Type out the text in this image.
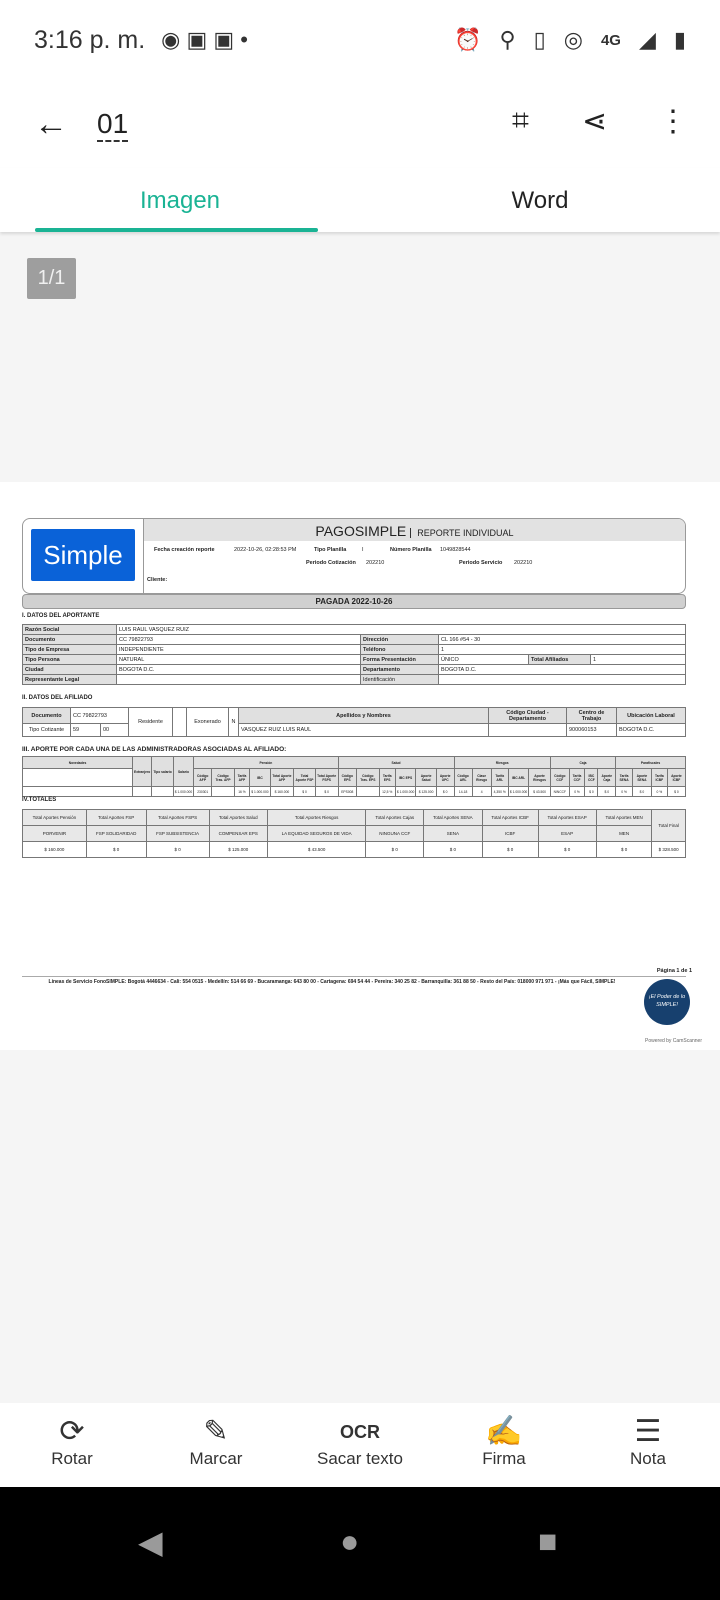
3:16 p. m. ◉ ▣ ▣ •	⏰ ⚲ ▯ ◎ 4G ◢ ▮
← 01	⌗ ⋖ ⋮
Imagen	Word
1/1
Simple
PAGOSIMPLE REPORTE INDIVIDUAL
Fecha creación reporte	2022-10-26, 02:28:53 PM	Tipo Planilla	I	Número Planilla 1049828544
Periodo Cotización 202210	Periodo Servicio 202210
Cliente:
PAGADA 2022-10-26
I. DATOS DEL APORTANTE
Razón Social	LUIS RAUL VASQUEZ RUIZ				
Documento	CC 79822793	Dirección	CL 166 #54 - 30		
Tipo de Empresa	INDEPENDIENTE	Teléfono	1		
Tipo Persona	NATURAL	Forma Presentación	ÚNICO	Total Afiliados	1
Ciudad	BOGOTA D.C.	Departamento	BOGOTA D.C.		
Representante Legal		Identificación			
II. DATOS DEL AFILIADO
Documento	CC 79822793		Residente		Exonerado	N	Apellidos y Nombres	Código Ciudad - Departamento	Centro de Trabajo	Ubicación Laboral
Tipo Cotizante	59	00					VASQUEZ RUIZ LUIS RAUL		900060153	BOGOTA D.C.
III. APORTE POR CADA UNA DE LAS ADMINISTRADORAS ASOCIADAS AL AFILIADO:
Novedades	Extranjero	Tipo salario	Salario	Pensión							Salud						Riesgos					Caja				Parafiscales			
				Código AFP	Código Tras. AFP	Tarifa AFP	IBC	Total Aporte AFP	Total Aporte FSP	Total Aporte FSPS	Código EPS	Código Tras. EPS	Tarifa EPS	IBC EPS	Aporte Salud	Aporte UPC	Código ARL	Clase Riesgo	Tarifa ARL	IBC ARL	Aporte Riesgos	Código CCF	Tarifa CCF	IBC CCF	Aporte Caja	Tarifa SENA	Aporte SENA	Tarifa ICBF	Aporte ICBF
			$ 1.000.000	230301		16 %	$ 1.000.000	$ 160.000	$ 0	$ 0	EPS008		12,5 %	$ 1.000.000	$ 125.000	$ 0	14-18	4	4,350 %	$ 1.000.000	$ 43.500	NINCCF	0 %	$ 0	$ 0	0 %	$ 0	0 %	$ 0
IV.TOTALES
Total Aportes Pensión	Total Aportes FSP	Total Aportes FSPS	Total Aportes Salud	Total Aportes Riesgos	Total Aportes Cajas	Total Aportes SENA	Total Aportes ICBF	Total Aportes ESAP	Total Aportes MEN	Total Final
PORVENIR	FSP SOLIDARIDAD	FSP SUBSISTENCIA	COMPENSAR EPS	LA EQUIDAD SEGUROS DE VIDA	NINGUNA CCF	SENA	ICBF	ESAP	MEN	
$ 160.000	$ 0	$ 0	$ 125.000	$ 43.500	$ 0	$ 0	$ 0	$ 0	$ 0	$ 328.500
Página 1 de 1
Líneas de Servicio FonoSIMPLE: Bogotá 4446634 - Cali: 554 0515 - Medellín: 514 66 69 - Bucaramanga: 643 80 00 - Cartagena: 694 54 44 - Pereira: 340 25 82 - Barranquilla: 361 88 50 - Resto del País: 018000 971 971 - ¡Más que Fácil, SIMPLE!
¡El Poder de lo SIMPLE!
Powered by CamScanner
⟳
Rotar
✎
Marcar
OCR
Sacar texto
✍
Firma
☰
Nota
◀	●	■
